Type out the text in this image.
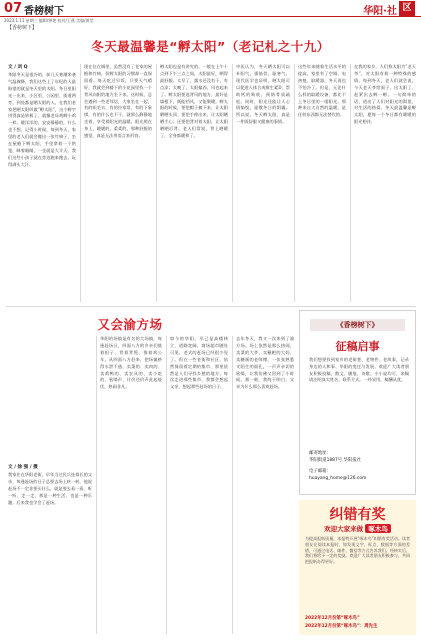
07 香榜树下	华阳·社 区
2023.1.11 星期三 编辑/钟艳 校对/王燕 美编/黄莹
【香榜树下】
冬天最温馨是“孵太阳”（老记札之十九）
文 / 刘 Q
华阳冬天是很冷的，前几天寒潮来袭气温骤降，我们这些上了年纪的人最盼望的就是冬天里的太阳。冬日里阳光一出来，小区里、公园里、街道两旁，到处都是晒太阳的人。在我们老家把晒太阳叫做“孵太阳”，这个孵字用得真是妙极了，就像老母鸡孵小鸡一样，暖洋洋的，安安静静的，什么也不想。记得小时候，每到冬天，家里的老人们就会搬出一张竹椅子，坐在屋檐下孵太阳，手里拿着一个烘笼，眯着眼睛，一坐就是大半天。我们这些小孩子就在旁边跑来跑去，玩得满头大汗。
现在住在城里，虽然没有了老家的屋檐和竹椅，但孵太阳的习惯却一直保留着。每天吃过早饭，只要天气晴好，我就会到楼下的小花园里找一个背风向阳的地方坐下来。这时候，总会遇到一些老邻居，大家坐在一起，有的织毛衣，有的拉家常，有的下象棋，有的什么也不干，就那么静静地坐着，享受着阳光的温暖。阳光照在身上，暖暖的，柔柔的，那种舒服的感觉，真是无法用语言来形容。
孵太阳也是有讲究的。一般在上午十点到下午三点之间，太阳最好，晒得最舒服。太早了，露水还没有干，有点凉；太晚了，太阳偏西，风也起来了。孵太阳要选背风的地方，最好是墙根下，既能挡风，又能聚暖。孵太阳的时候，要把帽子摘下来，让太阳晒晒头顶；要把手伸出来，让太阳晒晒手心；还要把背对着太阳，让太阳晒晒后背。老人们常说，背上晒暖了，全身都暖和了。
中医认为，冬天晒太阳可以补阳气，强筋骨，驱寒气。现代医学也证明，晒太阳可以促进人体合成维生素D，帮助钙的吸收，预防骨质疏松。同时，阳光还能让人心情愉悦，驱散冬日的阴霾。所以说，冬天孵太阳，真是一件既舒服又健康的事情。
这些年来随着生活水平的提高，家里有了空调、电热毯、取暖器，冬天再也不怕冷了。但是，无论什么样的取暖设备，都比不上冬日里的一缕阳光。那种来自大自然的温暖，是任何东西都无法替代的。
在我的家乡，人们称太阳为“老天爷”，对太阳有着一种特殊的感情。每到冬天，老人们就会说，今天老天爷给面子，出太阳了，赶紧出去孵一孵。一句简单的话，道出了人们对阳光的渴望，对生活的热爱。冬天最温馨是孵太阳，愿每一个冬日都有暖暖的阳光相伴。
又会渝方场
文 / 徐 强 / 摄
我家住在华阳老街，早年当过民兵连排长的父亲，每逢赶场的日子总要去场上转一转。他说赶场不一定非要买什么，就是要去看一看、听一听、走一走，那是一种生活，也是一种乐趣。后来我也学会了赶场。
华阳的场镇是有名的大场镇，每逢赶场日，四面八方的乡亲们挑着担子、背着背篼、推着鸡公车，从四面八方赶来，把场镇挤得水泄不通。卖菜的、卖肉的、卖鸡鸭的、卖农具的、卖小吃的，吆喝声、讨价还价声此起彼伏，热闹非凡。
如今的华阳，早已是高楼林立，道路宽阔，商场超市随处可见，老式的赶场已经很少见了。但在一些老街和社区，依然保留着定期的集市，那里依然是人们寻找乡愁的地方。每次走进那些集市，我都会想起父亲，想起那些赶场的日子。
去年冬天，我又一次来到了渝方场。场上依然是那么热闹，卖菜的大爷、卖糍粑的大妈、卖糖画的老师傅，一张张熟悉又陌生的面孔，一声声亲切的吆喝，让我仿佛又回到了小时候。那一刻，我终于明白，父亲为什么那么喜欢赶场。
《香榜树下》
征稿启事
我们想要找到家乡的老街巷、老物件、老故事，记录身边的人和事、华阳的变迁与发展。欢迎广大读者朋友积极投稿，散文、随笔、诗歌、小小说均可，来稿请注明真实姓名、联系方式。一经采用，稿酬从优。
邮寄地址：
华阳街道1887号 华阳报社
电子邮箱：
huayang_home@126.com
纠错有奖
欢迎大家来做 啄木鸟
为提高报纸质量，本报特开展“啄木鸟”纠错有奖活动。读者朋友在阅读本报时，如发现文字、标点、数据等方面的差错，可通过电话、邮件、微信等方式告诉我们。经核实后，我们将给予一定的奖励。欢迎广大读者朋友积极参与，共同把报纸办得更好。
2022年12月份第“啄木鸟”
2022年12月份第“啄木鸟”：周先生
